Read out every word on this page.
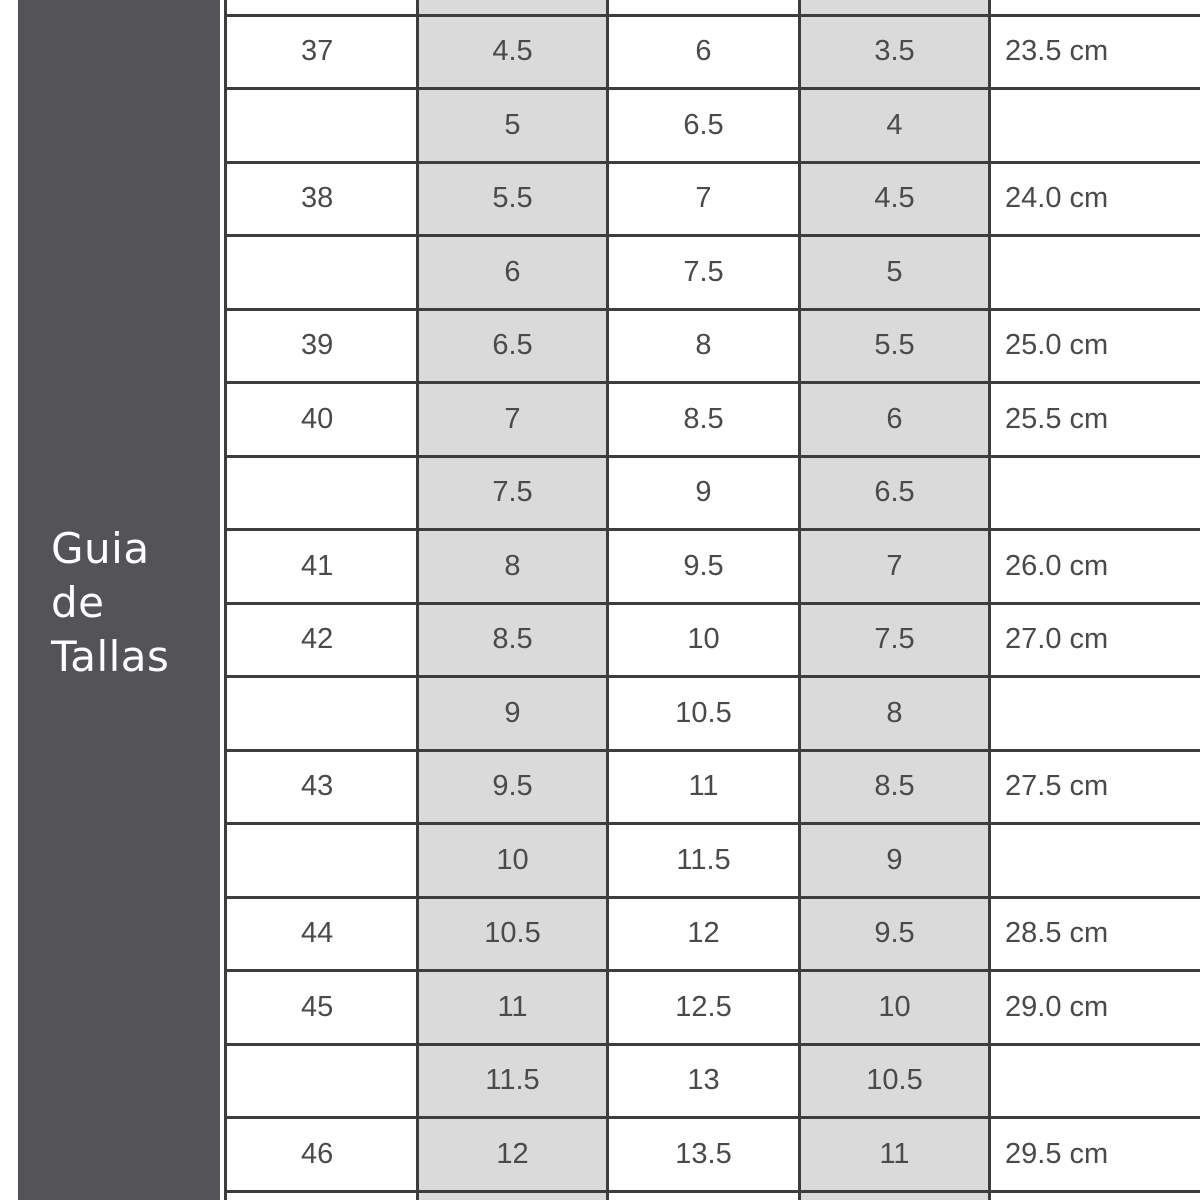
Guia
de
Tallas

37	4.5	6	3.5	23.5 cm
	5	6.5	4	
38	5.5	7	4.5	24.0 cm
	6	7.5	5	
39	6.5	8	5.5	25.0 cm
40	7	8.5	6	25.5 cm
	7.5	9	6.5	
41	8	9.5	7	26.0 cm
42	8.5	10	7.5	27.0 cm
	9	10.5	8	
43	9.5	11	8.5	27.5 cm
	10	11.5	9	
44	10.5	12	9.5	28.5 cm
45	11	12.5	10	29.0 cm
	11.5	13	10.5	
46	12	13.5	11	29.5 cm
